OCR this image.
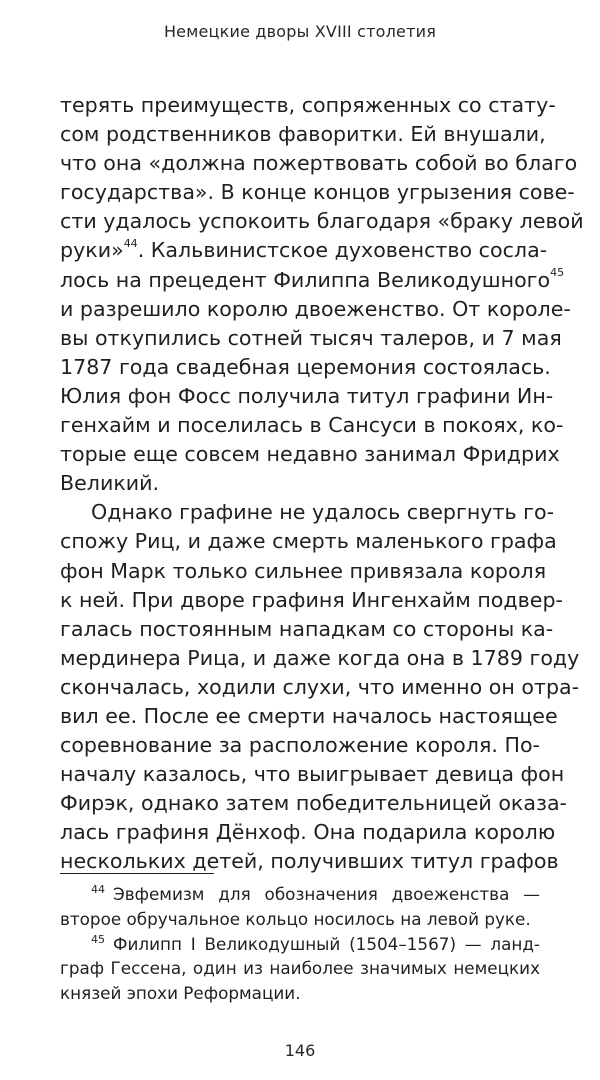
Немецкие дворы XVIII столетия
терять преимуществ, сопряженных со стату-
сом родственников фаворитки. Ей внушали,
что она «должна пожертвовать собой во благо
государства». В конце концов угрызения сове-
сти удалось успокоить благодаря «браку левой
руки»$^{44}$. Кальвинистское духовенство сосла-
лось на прецедент Филиппа Великодушного$^{45}$
и разрешило королю двоеженство. От короле-
вы откупились сотней тысяч талеров, и 7 мая
1787 года свадебная церемония состоялась.
Юлия фон Фосс получила титул графини Ин-
генхайм и поселилась в Сансуси в покоях, ко-
торые еще совсем недавно занимал Фридрих
Великий.
Однако графине не удалось свергнуть го-
спожу Риц, и даже смерть маленького графа
фон Марк только сильнее привязала короля
к ней. При дворе графиня Ингенхайм подвер-
галась постоянным нападкам со стороны ка-
мердинера Рица, и даже когда она в 1789 году
скончалась, ходили слухи, что именно он отра-
вил ее. После ее смерти началось настоящее
соревнование за расположение короля. По-
началу казалось, что выигрывает девица фон
Фирэк, однако затем победительницей оказа-
лась графиня Дёнхоф. Она подарила королю
нескольких детей, получивших титул графов
$^{44}$ Эвфемизм для обозначения двоеженства —
второе обручальное кольцо носилось на левой руке.
$^{45}$ Филипп I Великодушный (1504–1567) — ланд-
граф Гессена, один из наиболее значимых немецких
князей эпохи Реформации.
146
